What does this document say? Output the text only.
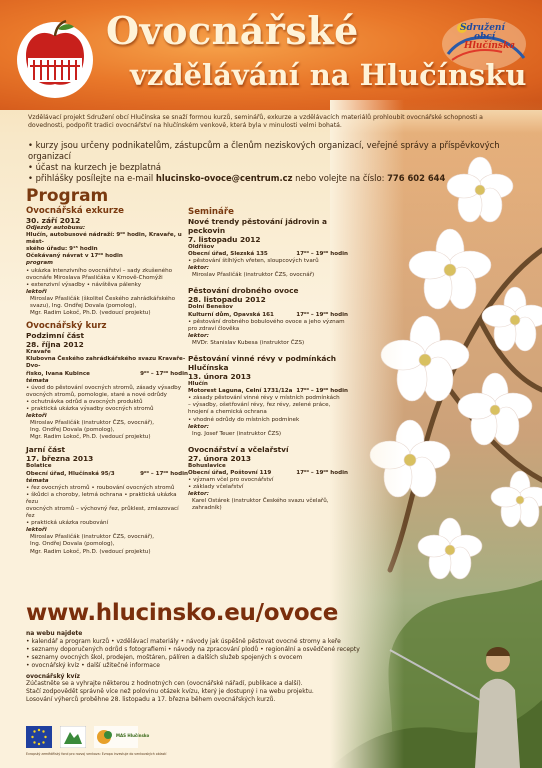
Ovocnářské
vzdělávání na Hlučínsku
Sdružení
obcí
Hlučínska
Vzdělávací projekt Sdružení obcí Hlučínska se snaží formou kurzů, seminářů, exkurze a vzdělávacích materiálů prohloubit ovocnářské schopnosti a dovednosti, podpořit tradici ovocnářství na hlučínském venkově, která byla v minulosti velmi bohatá.
• kurzy jsou určeny podnikatelům, zástupcům a členům neziskových organizací, veřejné správy a příspěvkových organizací
• účast na kurzech je bezplatná
• přihlášky posílejte na e-mail hlucinsko-ovoce@centrum.cz nebo volejte na číslo: 776 602 644
Program
Ovocnářská exkurze
30. září 2012
Odjezdy autobusu:
Hlučín, autobusové nádraží: 9⁰⁰ hodin, Kravaře, u měst-
ského úřadu: 9¹⁵ hodin
Očekávaný návrat v 17⁰⁰ hodin
program
• ukázka intenzivního ovocnářství – sady zkušeného
ovocnáře Miroslava Přasličáka v Krnově-Chomýži
• extenzivní výsadby • návštěva pálenky
lektoři
Miroslav Přasličák (školitel Českého zahrádkářského
svazu), Ing. Ondřej Dovala (pomolog),
Mgr. Radim Lokoč, Ph.D. (vedoucí projektu)
Ovocnářský kurz
Podzimní část
28. října 2012
Kravaře
Klubovna Českého zahrádkářského svazu Kravaře-Dvo-
řisko, Ivana Kubince	9⁰⁰ – 17⁰⁰ hodin
témata
• úvod do pěstování ovocných stromů, zásady výsadby
ovocných stromů, pomologie, staré a nové odrůdy
• ochutnávka odrůd a ovocných produktů
• praktická ukázka výsadby ovocných stromů
lektoři
Miroslav Přasličák (instruktor ČZS, ovocnář),
Ing. Ondřej Dovala (pomolog),
Mgr. Radim Lokoč, Ph.D. (vedoucí projektu)
Jarní část
17. března 2013
Bolatice
Obecní úřad, Hlučínská 95/3	9⁰⁰ – 17⁰⁰ hodin
témata
• řez ovocných stromů • roubování ovocných stromů
• škůdci a choroby, letmá ochrana • praktická ukázka řezu
ovocných stromů – výchovný řez, průklest, zmlazovací řez
• praktická ukázka roubování
lektoři
Miroslav Přasličák (instruktor ČZS, ovocnář),
Ing. Ondřej Dovala (pomolog),
Mgr. Radim Lokoč, Ph.D. (vedoucí projektu)
Semináře
Nové trendy pěstování jádrovin a peckovin
7. listopadu 2012
Oldřišov
Obecní úřad, Slezská 135	17⁰⁰ – 19⁰⁰ hodin
• pěstování štíhlých vřeten, sloupcových tvarů
lektor:
Miroslav Přasličák (instruktor ČZS, ovocnář)
Pěstování drobného ovoce
28. listopadu 2012
Dolní Benešov
Kulturní dům, Opavská 161	17⁰⁰ – 19⁰⁰ hodin
• pěstování drobného bobulového ovoce a jeho význam
pro zdraví člověka
lektor:
MVDr. Stanislav Kubesa (instruktor ČZS)
Pěstování vinné révy v podmínkách Hlučínska
13. února 2013
Hlučín
Motorest Laguna, Celní 1731/12a 17⁰⁰ – 19⁰⁰ hodin
• zásady pěstování vinné révy v místních podmínkách
– výsadby, ošetřování révy, řez révy, zelené práce,
hnojení a chemická ochrana
• vhodné odrůdy do místních podmínek
lektor:
Ing. Josef Teuer (instruktor ČZS)
Ovocnářství a včelařství
27. února 2013
Bohuslavice
Obecní úřad, Poštovní 119	17⁰⁰ – 19⁰⁰ hodin
• význam včel pro ovocnářství
• základy včelařství
lektor:
Karel Ostárek (instruktor Českého svazu včelařů, zahradník)
www.hlucinsko.eu/ovoce
na webu najdete
• kalendář a program kurzů • vzdělávací materiály • návody jak úspěšně pěstovat ovocné stromy a keře
• seznamy doporučených odrůd s fotografiemi • návody na zpracování plodů • regionální a osvědčené recepty
• seznamy ovocných škol, prodejen, moštáren, pálíren a dalších služeb spojených s ovocem
• ovocnářský kvíz • další užitečné informace
ovocnářský kvíz
Zúčastněte se a vyhrajte některou z hodnotných cen (ovocnářské nářadí, publikace a další).
Stačí zodpovědět správně více než polovinu otázek kvízu, který je dostupný i na webu projektu.
Losování výherců proběhne 28. listopadu a 17. března během ovocnářských kurzů.
MAS Hlučínsko
Evropský zemědělský fond pro rozvoj venkova: Evropa investuje do venkovských oblastí
